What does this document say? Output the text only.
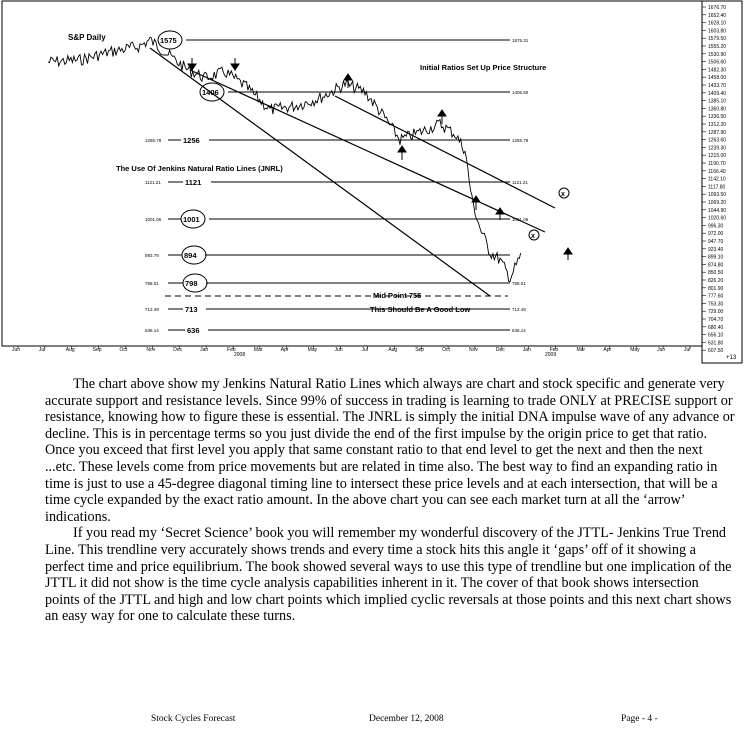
1676.70
1652.40
1628.10
1603.80
1579.50
1555.20
1530.90
1506.60
1482.30
1458.00
1433.70
1409.40
1385.10
1360.80
1336.50
1312.20
1287.90
1263.60
1239.30
1215.00
1190.70
1166.40
1142.10
1117.80
1093.50
1069.20
1044.90
1020.60
996.30
972.00
947.70
923.40
899.10
874.80
850.50
826.20
801.90
777.60
753.30
729.00
704.70
680.40
656.10
631.80
607.50
Jun	Jul	Aug	Sep	Oct	Nov	Dec	Jan	Feb	Mar	Apr	May	Jun	Jul	Aug	Sep	Oct	Nov	Dec	Jan	Feb	Mar	Apr	May	Jun	Jul
1575	1575.31
1406	1406.50
1255.79	1256	1255.79
1121.21	1121	1121.21
1001.06	1001	1001.06
893.79	894
798.01	798	798.01
712.49	713	712.49
636.14	636	636.14
x
x
S&P Daily
Initial Ratios Set Up Price Structure
The Use Of Jenkins Natural Ratio Lines (JNRL)
Mid Point 755
This Should Be A Good Low
+13
2008	2009

The chart above show my Jenkins Natural Ratio Lines which always are chart and stock specific and generate very accurate support and resistance levels. Since 99% of success in trading is learning to trade ONLY at PRECISE support or resistance, knowing how to figure these is essential. The JNRL is simply the initial DNA impulse wave of any advance or decline. This is in percentage terms so you just divide the end of the first impulse by the origin price to get that ratio. Once you exceed that first level you apply that same constant ratio to that end level to get the next and then the next ...etc. These levels come from price movements but are related in time also. The best way to find an expanding ratio in time is just to use a 45-degree diagonal timing line to intersect these price levels and at each intersection, that will be a time cycle expanded by the exact ratio amount. In the above chart you can see each market turn at all the ‘arrow’ indications.

If you read my ‘Secret Science’ book you will remember my wonderful discovery of the JTTL- Jenkins True Trend Line. This trendline very accurately shows trends and every time a stock hits this angle it ‘gaps’ off of it showing a perfect time and price equilibrium. The book showed several ways to use this type of trendline but one implication of the JTTL it did not show is the time cycle analysis capabilities inherent in it. The cover of that book shows intersection points of the JTTL and high and low chart points which implied cyclic reversals at those points and this next chart shows an easy way for one to calculate these turns.

Stock Cycles Forecast	December 12, 2008	Page - 4 -
